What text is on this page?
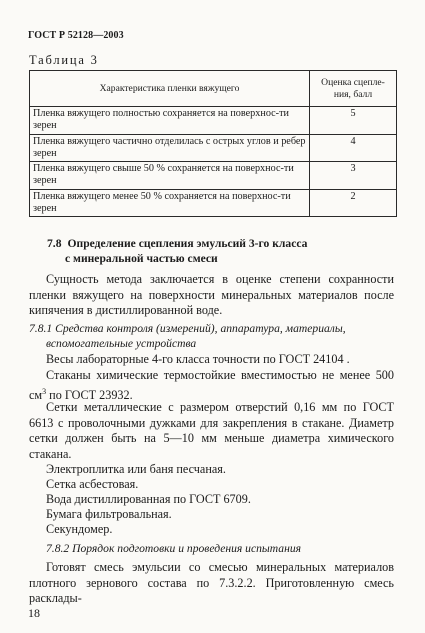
ГОСТ Р 52128—2003
Таблица 3
Характеристика пленки вяжущего	Оценка сцепле-
ния, балл
Пленка вяжущего полностью сохраняется на поверхнос-ти зерен	5
Пленка вяжущего частично отделилась с острых углов и ребер зерен	4
Пленка вяжущего свыше 50 % сохраняется на поверхнос-ти зерен	3
Пленка вяжущего менее 50 % сохраняется на поверхнос-ти зерен	2
7.8 Определение сцепления эмульсий 3-го класса
с минеральной частью смеси
Сущность метода заключается в оценке степени сохранности пленки вяжущего на поверхности минеральных материалов после кипячения в дистиллированной воде.
7.8.1 Средства контроля (измерений), аппаратура, материалы,
вспомогательные устройства
Весы лабораторные 4-го класса точности по ГОСТ 24104 .
Стаканы химические термостойкие вместимостью не менее 500 $см^3$ по ГОСТ 23932.
Сетки металлические с размером отверстий 0,16 мм по ГОСТ 6613 с проволочными дужками для закрепления в стакане. Диаметр сетки должен быть на 5—10 мм меньше диаметра химического стакана.
Электроплитка или баня песчаная.
Сетка асбестовая.
Вода дистиллированная по ГОСТ 6709.
Бумага фильтровальная.
Секундомер.
7.8.2 Порядок подготовки и проведения испытания
Готовят смесь эмульсии со смесью минеральных материалов плотного зернового состава по 7.3.2.2. Приготовленную смесь расклады-
18
